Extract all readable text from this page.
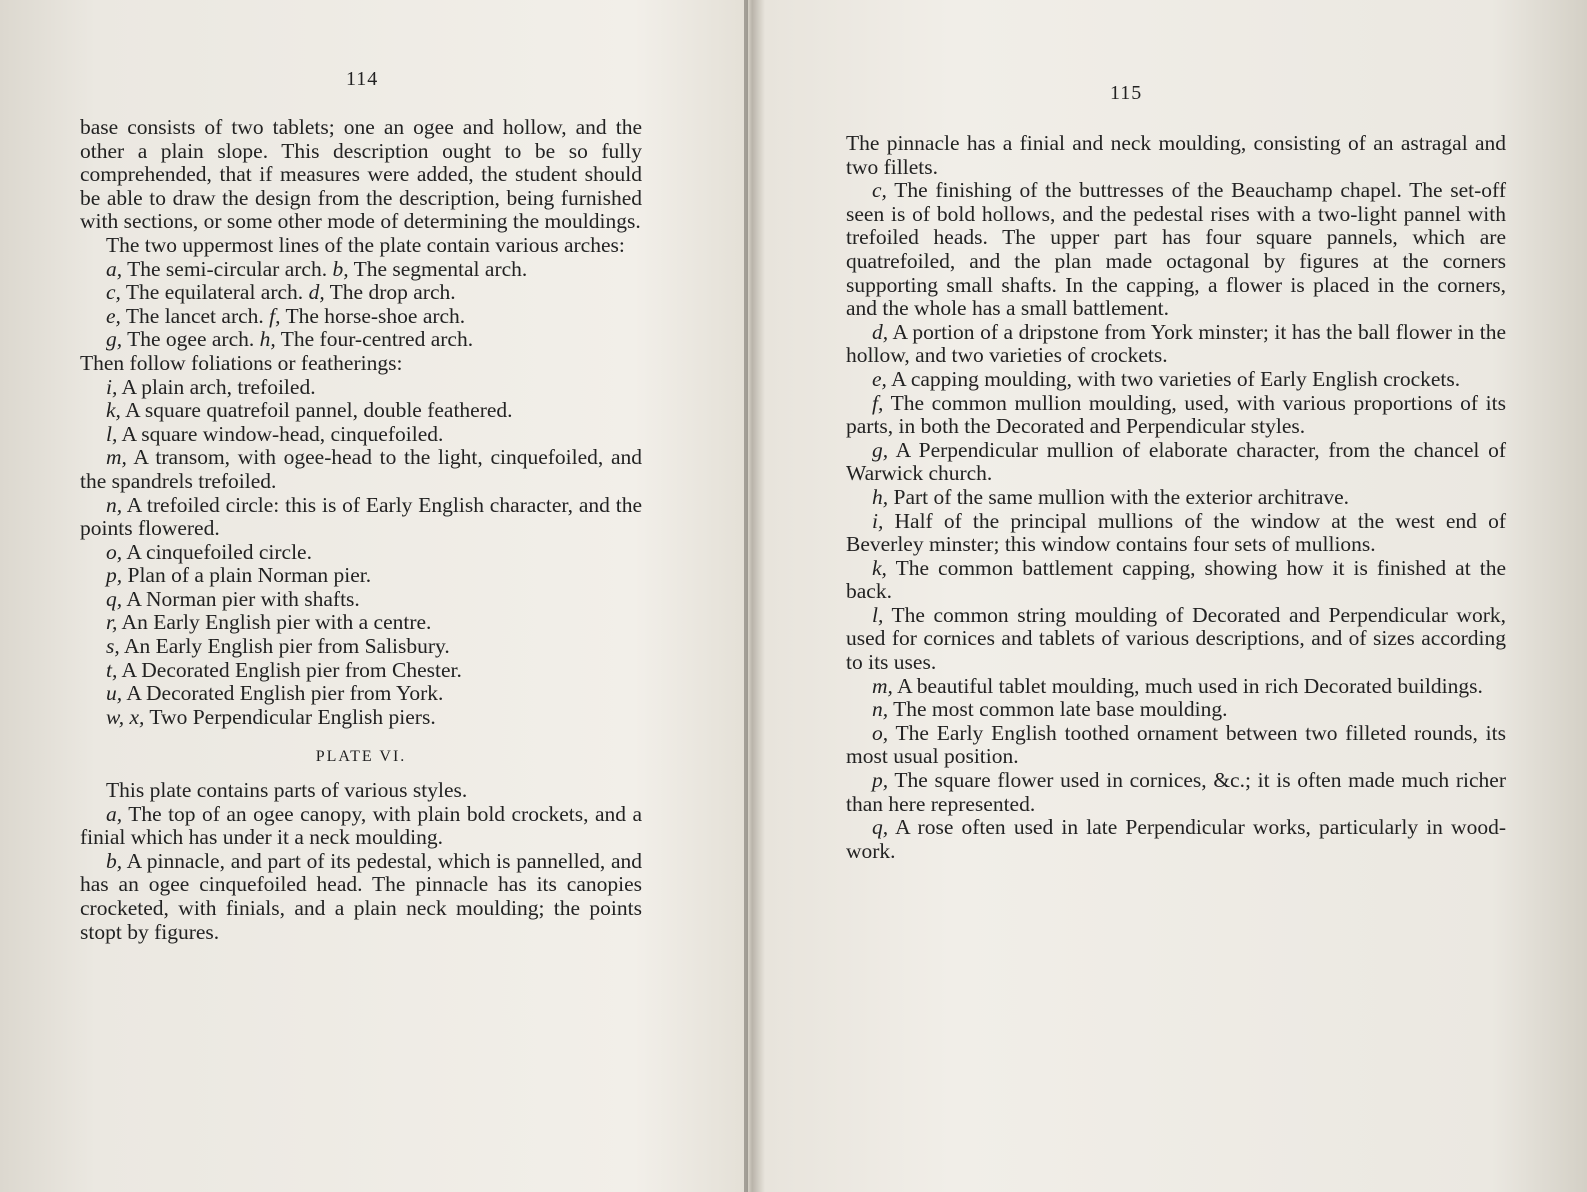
114

base consists of two tablets; one an ogee and hollow, and the other a plain slope. This description ought to be so fully comprehended, that if measures were added, the student should be able to draw the design from the description, being furnished with sections, or some other mode of determining the mouldings.

The two uppermost lines of the plate contain various arches:

a, The semi-circular arch. b, The segmental arch.

c, The equilateral arch. d, The drop arch.

e, The lancet arch. f, The horse-shoe arch.

g, The ogee arch. h, The four-centred arch.

Then follow foliations or featherings:

i, A plain arch, trefoiled.

k, A square quatrefoil pannel, double feathered.

l, A square window-head, cinquefoiled.

m, A transom, with ogee-head to the light, cinquefoiled, and the spandrels trefoiled.

n, A trefoiled circle: this is of Early English character, and the points flowered.

o, A cinquefoiled circle.

p, Plan of a plain Norman pier.

q, A Norman pier with shafts.

r, An Early English pier with a centre.

s, An Early English pier from Salisbury.

t, A Decorated English pier from Chester.

u, A Decorated English pier from York.

w, x, Two Perpendicular English piers.

PLATE VI.

This plate contains parts of various styles.

a, The top of an ogee canopy, with plain bold crockets, and a finial which has under it a neck moulding.

b, A pinnacle, and part of its pedestal, which is pannelled, and has an ogee cinquefoiled head. The pinnacle has its canopies crocketed, with finials, and a plain neck moulding; the points stopt by figures.

115

The pinnacle has a finial and neck moulding, consisting of an astragal and two fillets.

c, The finishing of the buttresses of the Beauchamp chapel. The set-off seen is of bold hollows, and the pedestal rises with a two-light pannel with trefoiled heads. The upper part has four square pannels, which are quatrefoiled, and the plan made octagonal by figures at the corners supporting small shafts. In the capping, a flower is placed in the corners, and the whole has a small battlement.

d, A portion of a dripstone from York minster; it has the ball flower in the hollow, and two varieties of crockets.

e, A capping moulding, with two varieties of Early English crockets.

f, The common mullion moulding, used, with various proportions of its parts, in both the Decorated and Perpendicular styles.

g, A Perpendicular mullion of elaborate character, from the chancel of Warwick church.

h, Part of the same mullion with the exterior architrave.

i, Half of the principal mullions of the window at the west end of Beverley minster; this window contains four sets of mullions.

k, The common battlement capping, showing how it is finished at the back.

l, The common string moulding of Decorated and Perpendicular work, used for cornices and tablets of various descriptions, and of sizes according to its uses.

m, A beautiful tablet moulding, much used in rich Decorated buildings.

n, The most common late base moulding.

o, The Early English toothed ornament between two filleted rounds, its most usual position.

p, The square flower used in cornices, &c.; it is often made much richer than here represented.

q, A rose often used in late Perpendicular works, particularly in wood-work.
